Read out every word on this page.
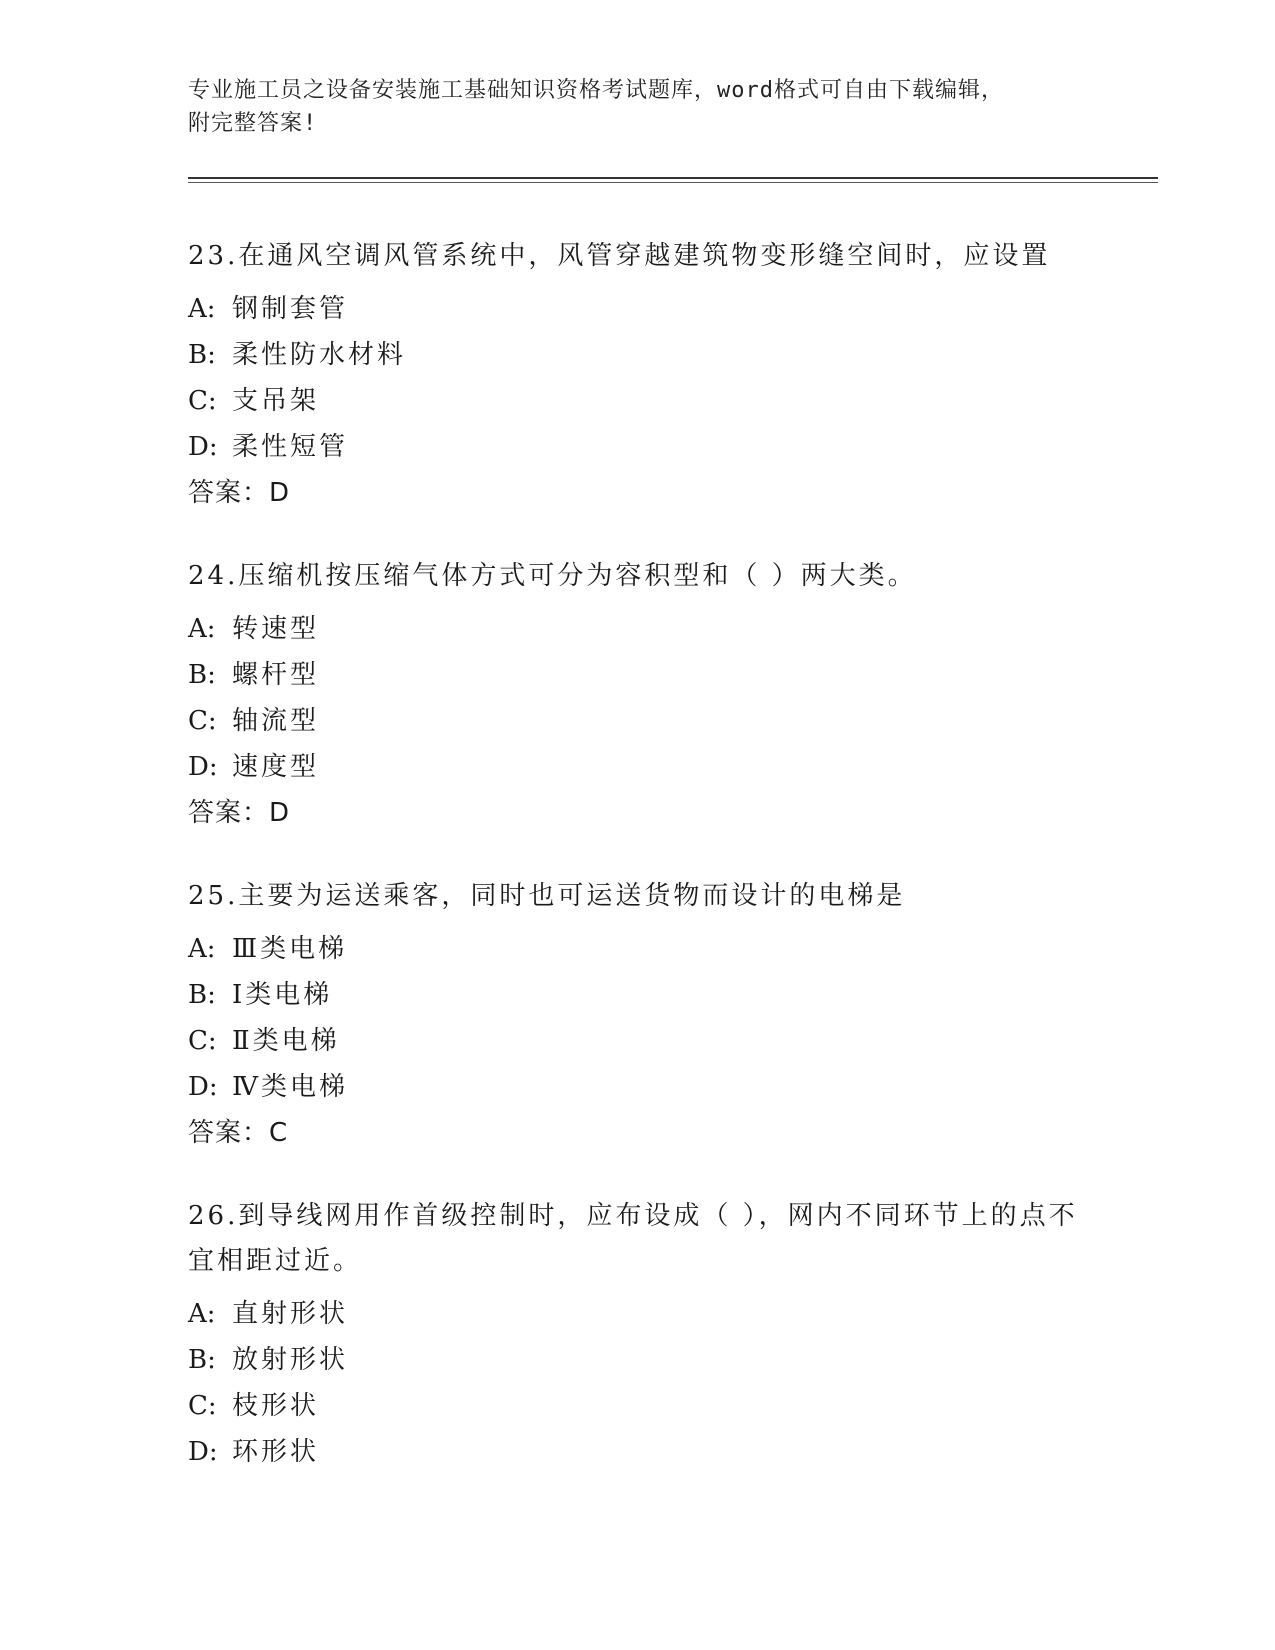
专业施工员之设备安装施工基础知识资格考试题库，word格式可自由下载编辑，

附完整答案!

23.在通风空调风管系统中，风管穿越建筑物变形缝空间时，应设置

A: 钢制套管

B: 柔性防水材料

C: 支吊架

D: 柔性短管

答案：D

24.压缩机按压缩气体方式可分为容积型和（ ）两大类。

A: 转速型

B: 螺杆型

C: 轴流型

D: 速度型

答案：D

25.主要为运送乘客，同时也可运送货物而设计的电梯是

A: Ⅲ类电梯

B: Ⅰ类电梯

C: Ⅱ类电梯

D: Ⅳ类电梯

答案：C

26.到导线网用作首级控制时，应布设成（ ），网内不同环节上的点不宜相距过近。

A: 直射形状

B: 放射形状

C: 枝形状

D: 环形状
